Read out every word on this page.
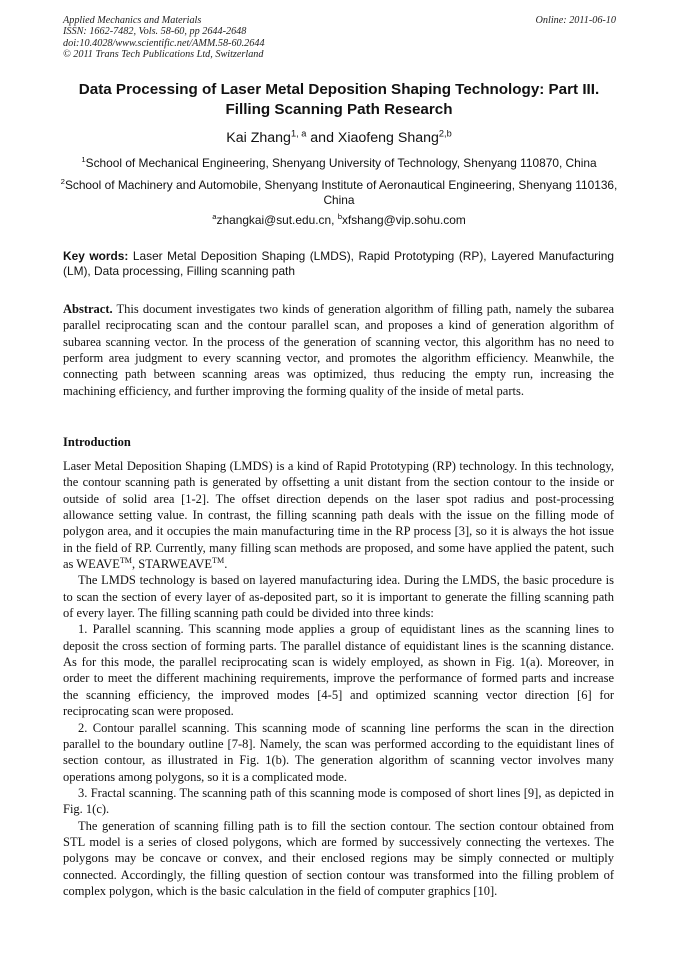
Applied Mechanics and Materials
ISSN: 1662-7482, Vols. 58-60, pp 2644-2648
doi:10.4028/www.scientific.net/AMM.58-60.2644
© 2011 Trans Tech Publications Ltd, Switzerland
Online: 2011-06-10
Data Processing of Laser Metal Deposition Shaping Technology: Part III. Filling Scanning Path Research
Kai Zhang$^{1, a}$ and Xiaofeng Shang$^{2,b}$
$^1$School of Mechanical Engineering, Shenyang University of Technology, Shenyang 110870, China
$^2$School of Machinery and Automobile, Shenyang Institute of Aeronautical Engineering, Shenyang 110136, China
$^a$zhangkai@sut.edu.cn, $^b$xfshang@vip.sohu.com
Key words: Laser Metal Deposition Shaping (LMDS), Rapid Prototyping (RP), Layered Manufacturing (LM), Data processing, Filling scanning path
Abstract. This document investigates two kinds of generation algorithm of filling path, namely the subarea parallel reciprocating scan and the contour parallel scan, and proposes a kind of generation algorithm of subarea scanning vector. In the process of the generation of scanning vector, this algorithm has no need to perform area judgment to every scanning vector, and promotes the algorithm efficiency. Meanwhile, the connecting path between scanning areas was optimized, thus reducing the empty run, increasing the machining efficiency, and further improving the forming quality of the inside of metal parts.
Introduction

Laser Metal Deposition Shaping (LMDS) is a kind of Rapid Prototyping (RP) technology. In this technology, the contour scanning path is generated by offsetting a unit distant from the section contour to the inside or outside of solid area [1-2]. The offset direction depends on the laser spot radius and post-processing allowance setting value. In contrast, the filling scanning path deals with the issue on the filling mode of polygon area, and it occupies the main manufacturing time in the RP process [3], so it is always the hot issue in the field of RP. Currently, many filling scan methods are proposed, and some have applied the patent, such as WEAVE™, STARWEAVE™.

The LMDS technology is based on layered manufacturing idea. During the LMDS, the basic procedure is to scan the section of every layer of as-deposited part, so it is important to generate the filling scanning path of every layer. The filling scanning path could be divided into three kinds:

1. Parallel scanning. This scanning mode applies a group of equidistant lines as the scanning lines to deposit the cross section of forming parts. The parallel distance of equidistant lines is the scanning distance. As for this mode, the parallel reciprocating scan is widely employed, as shown in Fig. 1(a). Moreover, in order to meet the different machining requirements, improve the performance of formed parts and increase the scanning efficiency, the improved modes [4-5] and optimized scanning vector direction [6] for reciprocating scan were proposed.

2. Contour parallel scanning. This scanning mode of scanning line performs the scan in the direction parallel to the boundary outline [7-8]. Namely, the scan was performed according to the equidistant lines of section contour, as illustrated in Fig. 1(b). The generation algorithm of scanning vector involves many operations among polygons, so it is a complicated mode.

3. Fractal scanning. The scanning path of this scanning mode is composed of short lines [9], as depicted in Fig. 1(c).

The generation of scanning filling path is to fill the section contour. The section contour obtained from STL model is a series of closed polygons, which are formed by successively connecting the vertexes. The polygons may be concave or convex, and their enclosed regions may be simply connected or multiply connected. Accordingly, the filling question of section contour was transformed into the filling problem of complex polygon, which is the basic calculation in the field of computer graphics [10].
